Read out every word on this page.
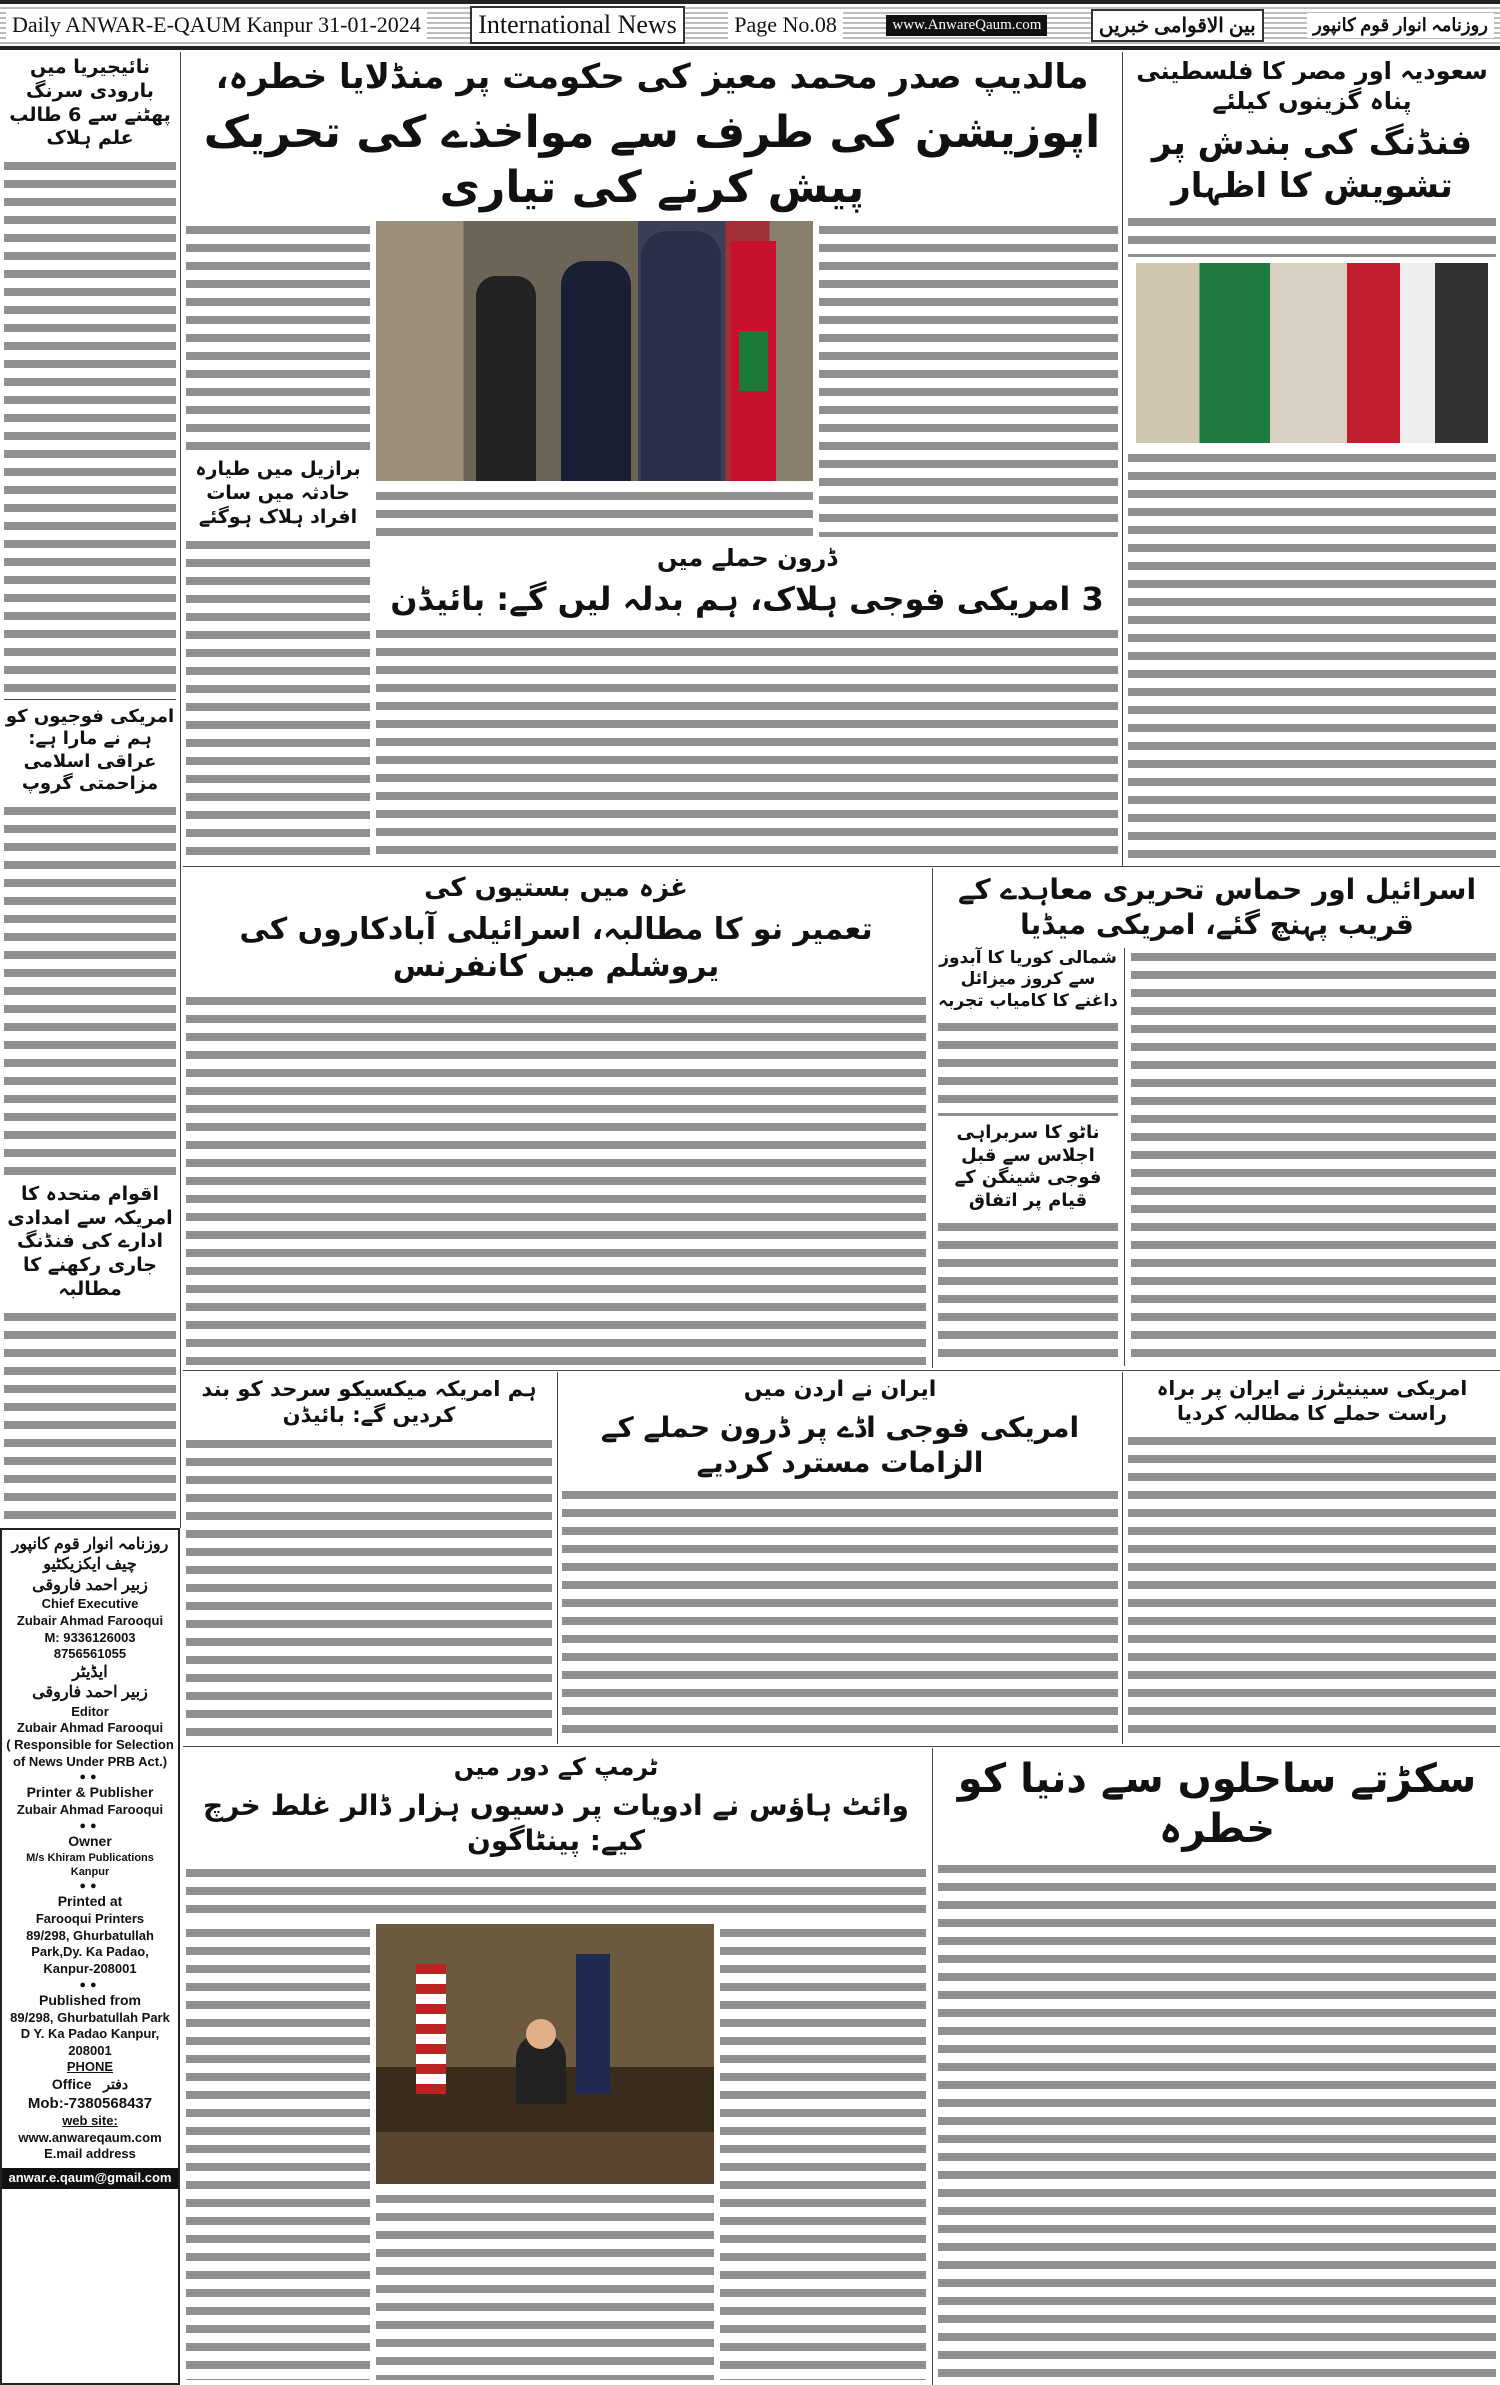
Daily ANWAR-E-QAUM Kanpur 31-01-2024	International News	Page No.08	www.AnwareQaum.com	بین الاقوامی خبریں	روزنامہ انوار قوم کانپور
نائیجیریا میں بارودی سرنگ پھٹنے سے 6 طالب علم ہلاک
امریکی فوجیوں کو ہم نے مارا ہے: عراقی اسلامی مزاحمتی گروپ
اقوام متحدہ کا امریکہ سے امدادی ادارے کی فنڈنگ جاری رکھنے کا مطالبہ
روزنامہ انوار قوم کانپور
چیف ایکزیکٹیو
زبیر احمد فاروقی
Chief Executive
Zubair Ahmad Farooqui
M: 9336126003
8756561055
ایڈیٹر
زبیر احمد فاروقی
Editor
Zubair Ahmad Farooqui
( Responsible for Selection of News Under PRB Act.)
●●
Printer & Publisher
Zubair Ahmad Farooqui
●●
Owner
M/s Khiram Publications
Kanpur
●●
Printed at
Farooqui Printers
89/298, Ghurbatullah Park,Dy. Ka Padao, Kanpur-208001
●●
Published from
89/298, Ghurbatullah Park D Y. Ka Padao Kanpur, 208001
PHONE
Office دفتر
Mob:-7380568437
web site:
www.anwareqaum.com
E.mail address
anwar.e.qaum@gmail.com
مالدیپ صدر محمد معیز کی حکومت پر منڈلایا خطرہ،
اپوزیشن کی طرف سے مواخذے کی تحریک پیش کرنے کی تیاری
برازیل میں طیارہ حادثہ میں سات افراد ہلاک ہوگئے
ڈرون حملے میں
3 امریکی فوجی ہلاک، ہم بدلہ لیں گے: بائیڈن
سعودیہ اور مصر کا فلسطینی پناہ گزینوں کیلئے
فنڈنگ کی بندش پر تشویش کا اظہار
غزہ میں بستیوں کی
تعمیر نو کا مطالبہ، اسرائیلی آبادکاروں کی یروشلم میں کانفرنس
اسرائیل اور حماس تحریری معاہدے کے قریب پہنچ گئے، امریکی میڈیا
شمالی کوریا کا آبدوز سے کروز میزائل داغنے کا کامیاب تجربہ
ناٹو کا سربراہی اجلاس سے قبل فوجی شینگن کے قیام پر اتفاق
ہم امریکہ میکسیکو سرحد کو بند کردیں گے: بائیڈن
ایران نے اردن میں
امریکی فوجی اڈے پر ڈرون حملے کے الزامات مسترد کردیے
امریکی سینیٹرز نے ایران پر براہ راست حملے کا مطالبہ کردیا
سکڑتے ساحلوں سے دنیا کو خطرہ
ٹرمپ کے دور میں
وائٹ ہاؤس نے ادویات پر دسیوں ہزار ڈالر غلط خرچ کیے: پینٹاگون
